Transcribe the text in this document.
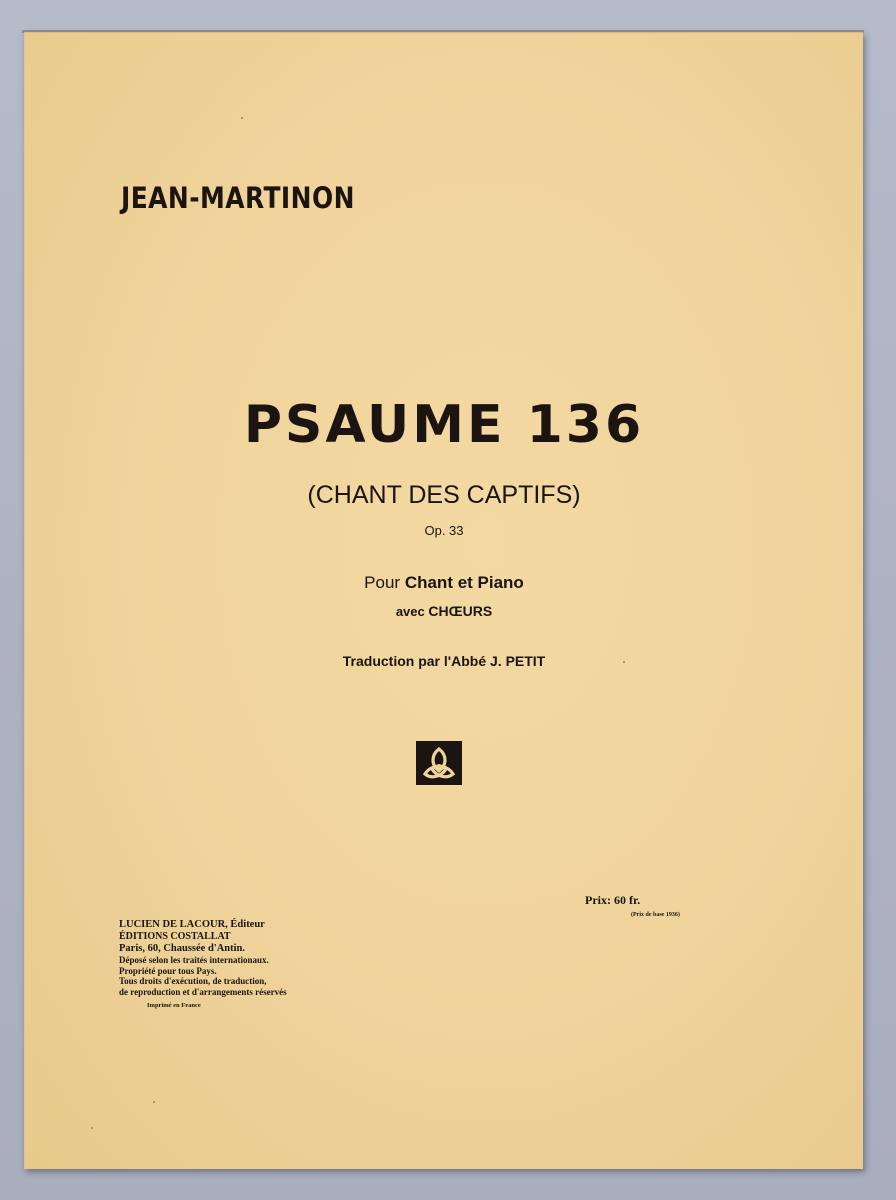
JEAN-MARTINON
PSAUME 136
(CHANT DES CAPTIFS)
Op. 33
Pour Chant et Piano
avec CHŒURS
Traduction par l'Abbé J. PETIT
Prix: 60 fr.
(Prix de base 1936)
LUCIEN DE LACOUR, Éditeur
ÉDITIONS COSTALLAT
Paris, 60, Chaussée d'Antin.
Déposé selon les traités internationaux.
Propriété pour tous Pays.
Tous droits d'exécution, de traduction,
de reproduction et d'arrangements réservés
Imprimé en France
